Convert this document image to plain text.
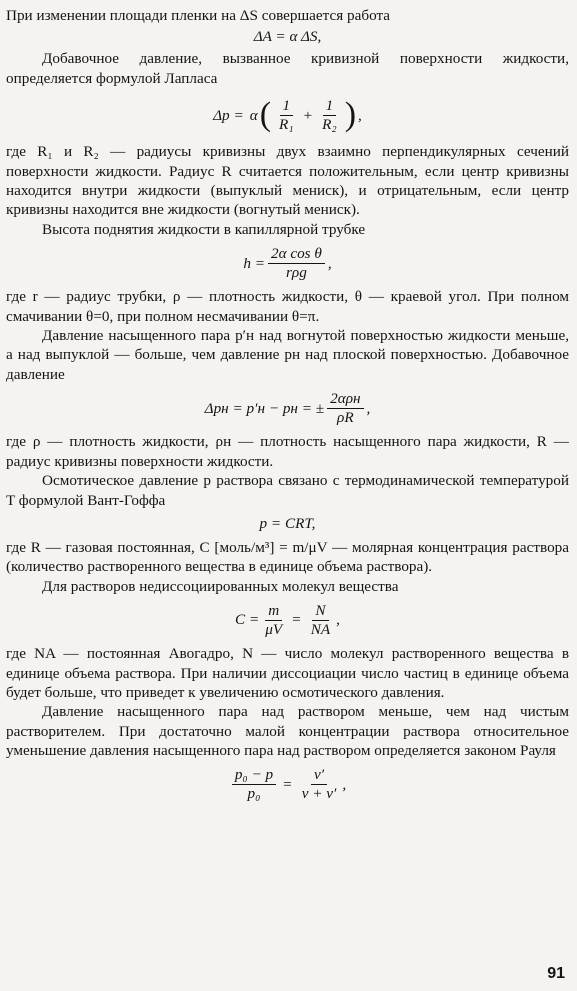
При изменении площади пленки на ΔS совершается работа

ΔA = α ΔS,

Добавочное давление, вызванное кривизной поверхности жидкости, определяется формулой Лапласа

Δp = α ( $\frac{1}{\text{R₁}} + \frac{1}{\text{R₂}}$ ) ,

где R₁ и R₂ — радиусы кривизны двух взаимно перпендикулярных сечений поверхности жидкости. Радиус R считается положительным, если центр кривизны находится внутри жидкости (выпуклый мениск), и отрицательным, если центр кривизны находится вне жидкости (вогнутый мениск).

Высота поднятия жидкости в капиллярной трубке

$h = \frac{\text{2α cos θ}}{\text{rρg}}$ ,

где r — радиус трубки, ρ — плотность жидкости, θ — краевой угол. При полном смачивании θ=0, при полном несмачивании θ=π.

Давление насыщенного пара p′н над вогнутой поверхностью жидкости меньше, а над выпуклой — больше, чем давление pн над плоской поверхностью. Добавочное давление

Δpн = p′н − pн = ± $\frac{\text{2αρн}}{\rho R}$ ,

где ρ — плотность жидкости, ρн — плотность насыщенного пара жидкости, R — радиус кривизны поверхности жидкости.

Осмотическое давление p раствора связано с термодинамической температурой T формулой Вант-Гоффа

p = CRT,

где R — газовая постоянная, C [моль/м³] = m/μV — молярная концентрация раствора (количество растворенного вещества в единице объема раствора).

Для растворов недиссоциированных молекул вещества

$C = \frac{m}{\mu V} = \frac{N}{NA}$ ,

где NA — постоянная Авогадро, N — число молекул растворенного вещества в единице объема раствора. При наличии диссоциации число частиц в единице объема будет больше, что приведет к увеличению осмотического давления.

Давление насыщенного пара над раствором меньше, чем над чистым растворителем. При достаточно малой концентрации раствора относительное уменьшение давления насыщенного пара над раствором определяется законом Рауля

$\frac{\text{p₀ − p}}{\text{p₀}} = \frac{\nu'}{\nu + \nu'}$ ,
91
